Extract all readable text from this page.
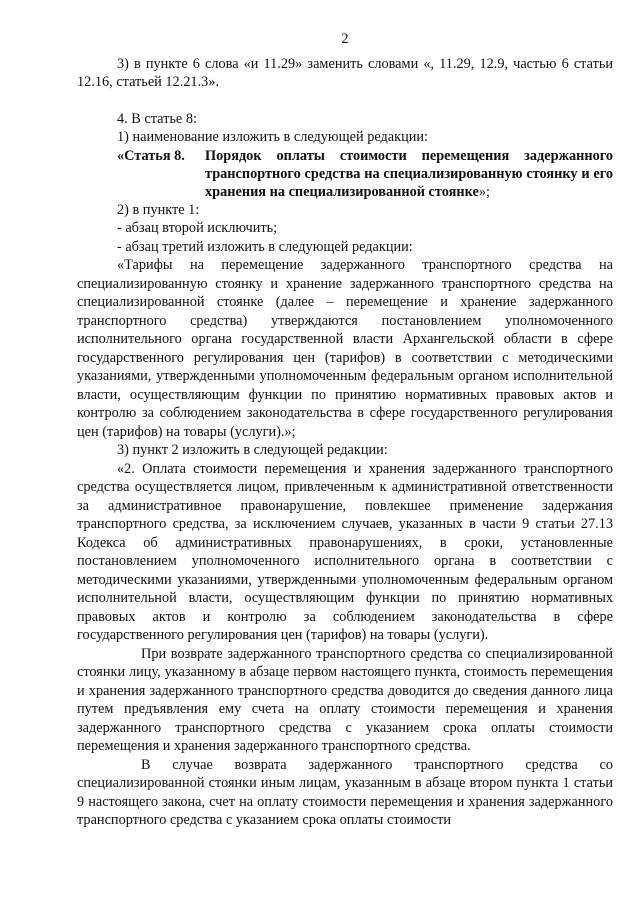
2

3) в пункте 6 слова «и 11.29» заменить словами «, 11.29, 12.9, частью 6 статьи 12.16, статьей 12.21.3».

4. В статье 8:

1) наименование изложить в следующей редакции:

«Статья 8.	Порядок оплаты стоимости перемещения задержанного транспортного средства на специализированную стоянку и его хранения на специализированной стоянке»;

2) в пункте 1:

- абзац второй исключить;

- абзац третий изложить в следующей редакции:

«Тарифы на перемещение задержанного транспортного средства на специализированную стоянку и хранение задержанного транспортного средства на специализированной стоянке (далее – перемещение и хранение задержанного транспортного средства) утверждаются постановлением уполномоченного исполнительного органа государственной власти Архангельской области в сфере государственного регулирования цен (тарифов) в соответствии с методическими указаниями, утвержденными уполномоченным федеральным органом исполнительной власти, осуществляющим функции по принятию нормативных правовых актов и контролю за соблюдением законодательства в сфере государственного регулирования цен (тарифов) на товары (услуги).»;

3) пункт 2 изложить в следующей редакции:

«2. Оплата стоимости перемещения и хранения задержанного транспортного средства осуществляется лицом, привлеченным к административной ответственности за административное правонарушение, повлекшее применение задержания транспортного средства, за исключением случаев, указанных в части 9 статьи 27.13 Кодекса об административных правонарушениях, в сроки, установленные постановлением уполномоченного исполнительного органа в соответствии с методическими указаниями, утвержденными уполномоченным федеральным органом исполнительной власти, осуществляющим функции по принятию нормативных правовых актов и контролю за соблюдением законодательства в сфере государственного регулирования цен (тарифов) на товары (услуги).

При возврате задержанного транспортного средства со специализированной стоянки лицу, указанному в абзаце первом настоящего пункта, стоимость перемещения и хранения задержанного транспортного средства доводится до сведения данного лица путем предъявления ему счета на оплату стоимости перемещения и хранения задержанного транспортного средства с указанием срока оплаты стоимости перемещения и хранения задержанного транспортного средства.

В случае возврата задержанного транспортного средства со специализированной стоянки иным лицам, указанным в абзаце втором пункта 1 статьи 9 настоящего закона, счет на оплату стоимости перемещения и хранения задержанного транспортного средства с указанием срока оплаты стоимости
